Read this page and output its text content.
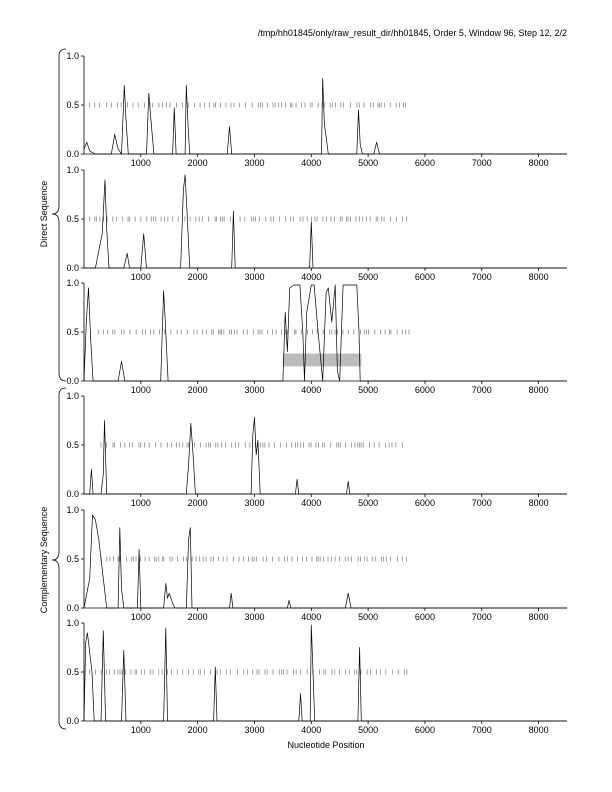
/tmp/hh01845/only/raw_result_dir/hh01845, Order 5, Window 96, Step 12, 2/2
0.0
0.5
1.0
1000	2000	3000	4000	5000	6000	7000	8000
0.0
0.5
1.0
1000	2000	3000	4000	5000	6000	7000	8000
0.0
0.5
1.0
1000	2000	3000	4000	5000	6000	7000	8000
0.0
0.5
1.0
1000	2000	3000	4000	5000	6000	7000	8000
0.0
0.5
1.0
1000	2000	3000	4000	5000	6000	7000	8000
0.0
0.5
1.0
1000	2000	3000	4000	5000	6000	7000	8000
Direct Sequence
Complementary Sequence
Nucleotide Position
